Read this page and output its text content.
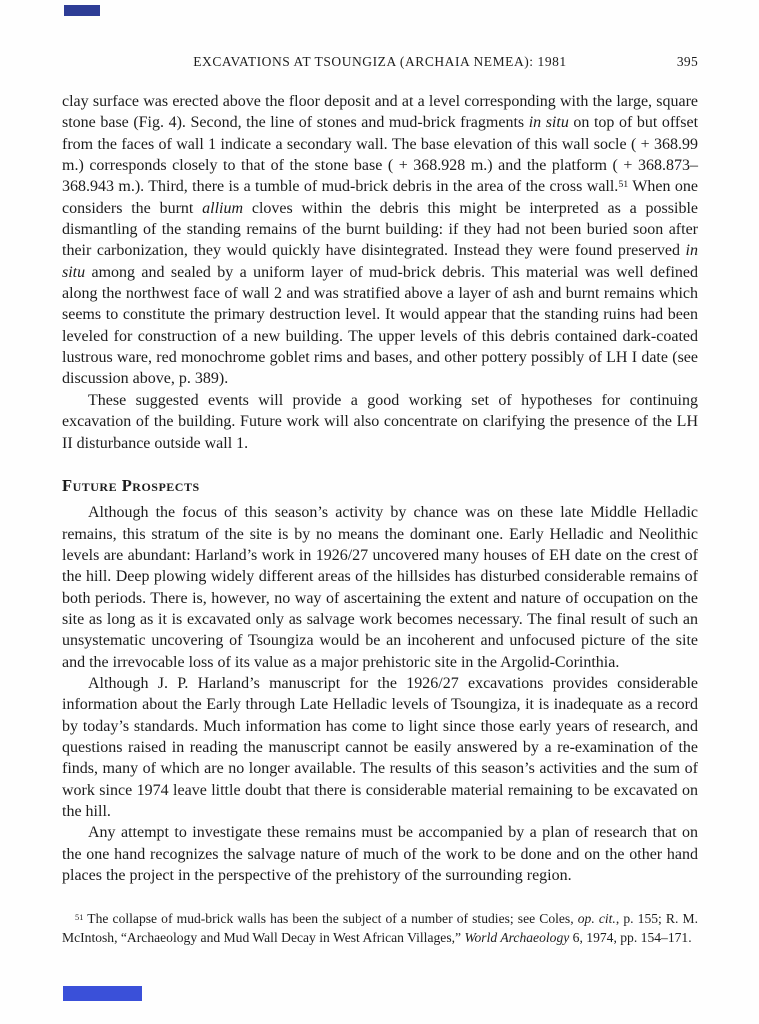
EXCAVATIONS AT TSOUNGIZA (ARCHAIA NEMEA): 1981	395

clay surface was erected above the floor deposit and at a level corresponding with the large, square stone base (Fig. 4). Second, the line of stones and mud-brick fragments in situ on top of but offset from the faces of wall 1 indicate a secondary wall. The base elevation of this wall socle ( + 368.99 m.) corresponds closely to that of the stone base ( + 368.928 m.) and the platform ( + 368.873–368.943 m.). Third, there is a tumble of mud-brick debris in the area of the cross wall.$^{51}$ When one considers the burnt allium cloves within the debris this might be interpreted as a possible dismantling of the standing remains of the burnt building: if they had not been buried soon after their carbonization, they would quickly have disintegrated. Instead they were found preserved in situ among and sealed by a uniform layer of mud-brick debris. This material was well defined along the northwest face of wall 2 and was stratified above a layer of ash and burnt remains which seems to constitute the primary destruction level. It would appear that the standing ruins had been leveled for construction of a new building. The upper levels of this debris contained dark-coated lustrous ware, red monochrome goblet rims and bases, and other pottery possibly of LH I date (see discussion above, p. 389).

These suggested events will provide a good working set of hypotheses for continuing excavation of the building. Future work will also concentrate on clarifying the presence of the LH II disturbance outside wall 1.

Future Prospects

Although the focus of this season’s activity by chance was on these late Middle Helladic remains, this stratum of the site is by no means the dominant one. Early Helladic and Neolithic levels are abundant: Harland’s work in 1926/27 uncovered many houses of EH date on the crest of the hill. Deep plowing widely different areas of the hillsides has disturbed considerable remains of both periods. There is, however, no way of ascertaining the extent and nature of occupation on the site as long as it is excavated only as salvage work becomes necessary. The final result of such an unsystematic uncovering of Tsoungiza would be an incoherent and unfocused picture of the site and the irrevocable loss of its value as a major prehistoric site in the Argolid-Corinthia.

Although J. P. Harland’s manuscript for the 1926/27 excavations provides considerable information about the Early through Late Helladic levels of Tsoungiza, it is inadequate as a record by today’s standards. Much information has come to light since those early years of research, and questions raised in reading the manuscript cannot be easily answered by a re-examination of the finds, many of which are no longer available. The results of this season’s activities and the sum of work since 1974 leave little doubt that there is considerable material remaining to be excavated on the hill.

Any attempt to investigate these remains must be accompanied by a plan of research that on the one hand recognizes the salvage nature of much of the work to be done and on the other hand places the project in the perspective of the prehistory of the surrounding region.

$^{51}$ The collapse of mud-brick walls has been the subject of a number of studies; see Coles, op. cit., p. 155; R. M. McIntosh, “Archaeology and Mud Wall Decay in West African Villages,” World Archaeology 6, 1974, pp. 154–171.
